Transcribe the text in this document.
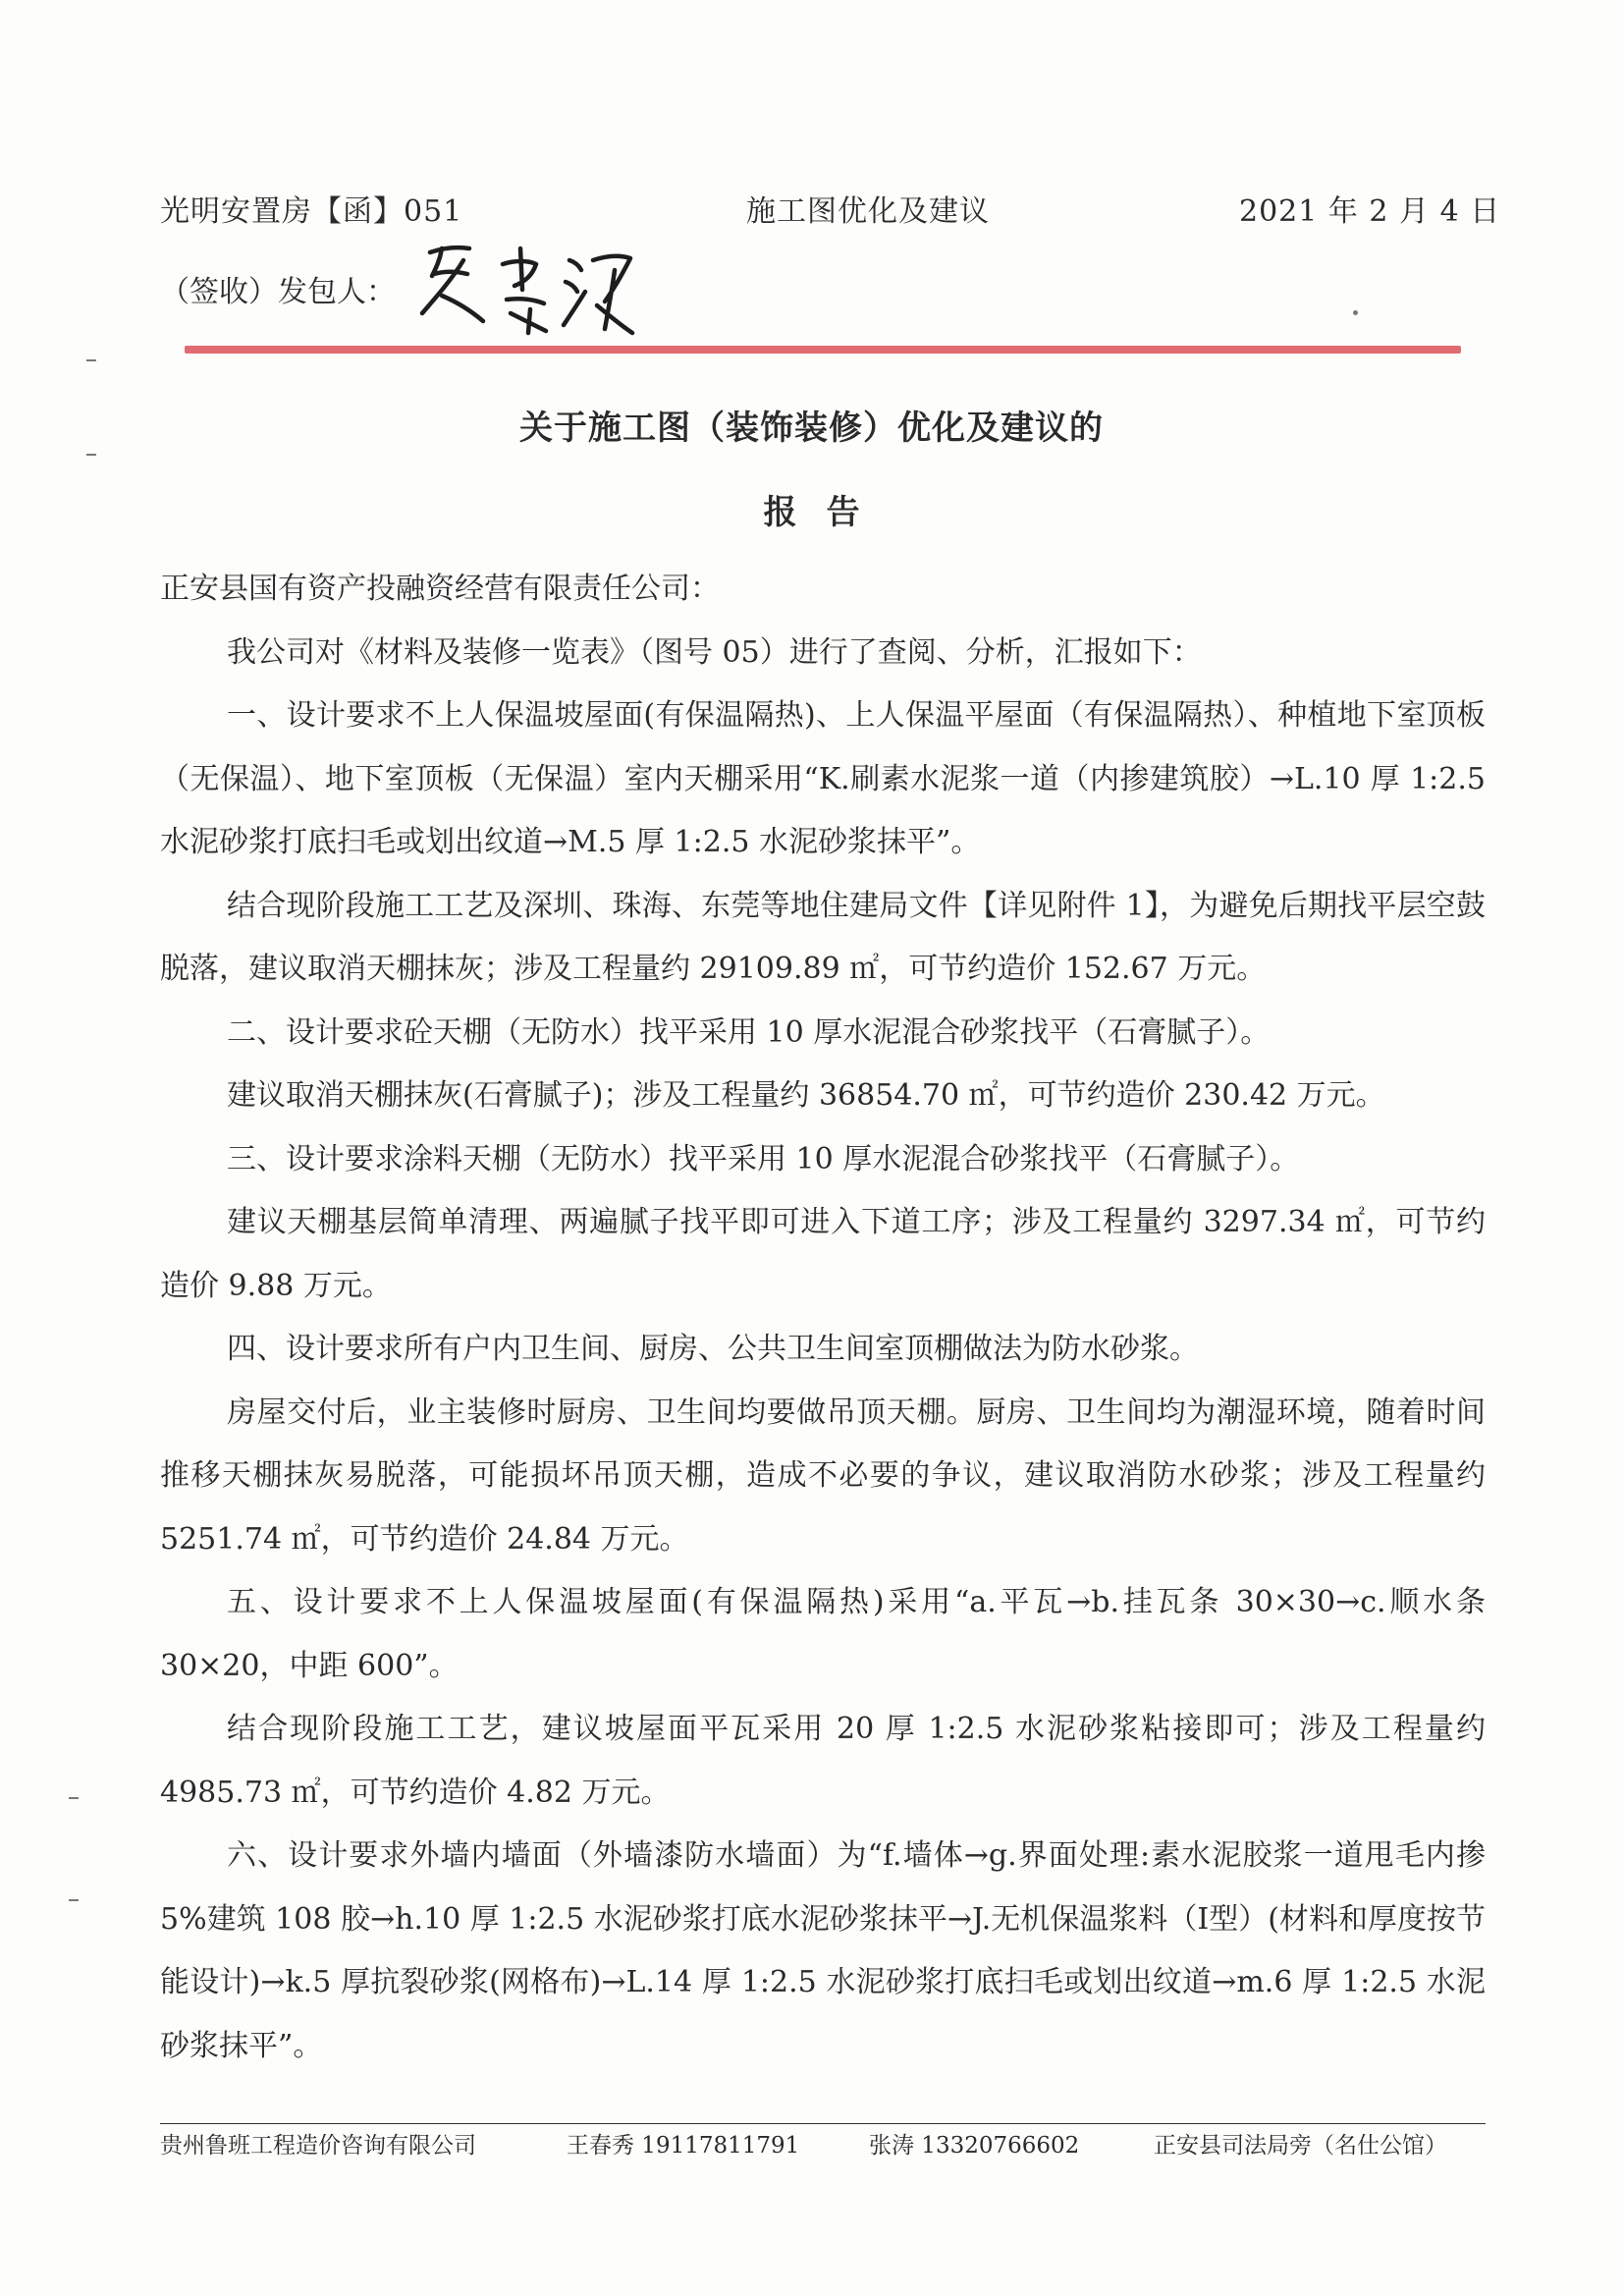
光明安置房【函】051	施工图优化及建议	2021 年 2 月 4 日
（签收）发包人：
关于施工图（装饰装修）优化及建议的
报告

正安县国有资产投融资经营有限责任公司：

我公司对《材料及装修一览表》（图号 05）进行了查阅、分析，汇报如下：

一、设计要求不上人保温坡屋面(有保温隔热)、上人保温平屋面（有保温隔热）、种植地下室顶板（无保温）、地下室顶板（无保温）室内天棚采用“K.刷素水泥浆一道（内掺建筑胶）→L.10 厚 1:2.5 水泥砂浆打底扫毛或划出纹道→M.5 厚 1:2.5 水泥砂浆抹平”。

结合现阶段施工工艺及深圳、珠海、东莞等地住建局文件【详见附件 1】，为避免后期找平层空鼓脱落，建议取消天棚抹灰；涉及工程量约 29109.89 ㎡，可节约造价 152.67 万元。

二、设计要求砼天棚（无防水）找平采用 10 厚水泥混合砂浆找平（石膏腻子）。

建议取消天棚抹灰(石膏腻子)；涉及工程量约 36854.70 ㎡，可节约造价 230.42 万元。

三、设计要求涂料天棚（无防水）找平采用 10 厚水泥混合砂浆找平（石膏腻子）。

建议天棚基层简单清理、两遍腻子找平即可进入下道工序；涉及工程量约 3297.34 ㎡，可节约造价 9.88 万元。

四、设计要求所有户内卫生间、厨房、公共卫生间室顶棚做法为防水砂浆。

房屋交付后，业主装修时厨房、卫生间均要做吊顶天棚。厨房、卫生间均为潮湿环境，随着时间推移天棚抹灰易脱落，可能损坏吊顶天棚，造成不必要的争议，建议取消防水砂浆；涉及工程量约 5251.74 ㎡，可节约造价 24.84 万元。

五、设计要求不上人保温坡屋面(有保温隔热)采用“a.平瓦→b.挂瓦条 30×30→c.顺水条 30×20，中距 600”。

结合现阶段施工工艺，建议坡屋面平瓦采用 20 厚 1:2.5 水泥砂浆粘接即可；涉及工程量约 4985.73 ㎡，可节约造价 4.82 万元。

六、设计要求外墙内墙面（外墙漆防水墙面）为“f.墙体→g.界面处理:素水泥胶浆一道甩毛内掺 5%建筑 108 胶→h.10 厚 1:2.5 水泥砂浆打底水泥砂浆抹平→J.无机保温浆料（Ⅰ型）(材料和厚度按节能设计)→k.5 厚抗裂砂浆(网格布)→L.14 厚 1:2.5 水泥砂浆打底扫毛或划出纹道→m.6 厚 1:2.5 水泥砂浆抹平”。

贵州鲁班工程造价咨询有限公司	王春秀 19117811791	张涛 13320766602	正安县司法局旁（名仕公馆）
